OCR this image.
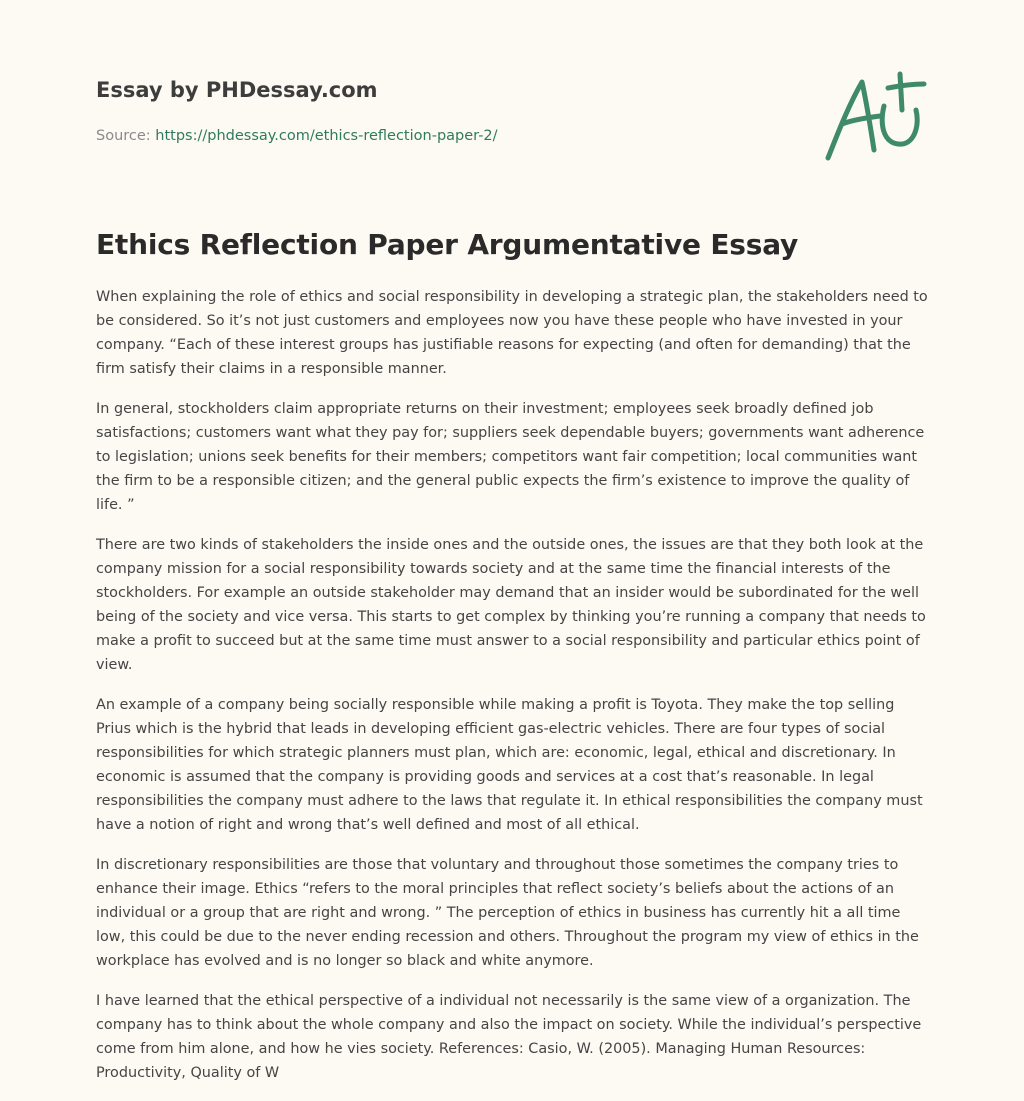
Essay by PHDessay.com
Source: https://phdessay.com/ethics-reflection-paper-2/
Ethics Reflection Paper Argumentative Essay

When explaining the role of ethics and social responsibility in developing a strategic plan, the stakeholders need to be considered. So it’s not just customers and employees now you have these people who have invested in your company. “Each of these interest groups has justifiable reasons for expecting (and often for demanding) that the firm satisfy their claims in a responsible manner.

In general, stockholders claim appropriate returns on their investment; employees seek broadly defined job satisfactions; customers want what they pay for; suppliers seek dependable buyers; governments want adherence to legislation; unions seek benefits for their members; competitors want fair competition; local communities want the firm to be a responsible citizen; and the general public expects the firm’s existence to improve the quality of life. ”

There are two kinds of stakeholders the inside ones and the outside ones, the issues are that they both look at the company mission for a social responsibility towards society and at the same time the financial interests of the stockholders. For example an outside stakeholder may demand that an insider would be subordinated for the well being of the society and vice versa. This starts to get complex by thinking you’re running a company that needs to make a profit to succeed but at the same time must answer to a social responsibility and particular ethics point of view.

An example of a company being socially responsible while making a profit is Toyota. They make the top selling Prius which is the hybrid that leads in developing efficient gas-electric vehicles. There are four types of social responsibilities for which strategic planners must plan, which are: economic, legal, ethical and discretionary. In economic is assumed that the company is providing goods and services at a cost that’s reasonable. In legal responsibilities the company must adhere to the laws that regulate it. In ethical responsibilities the company must have a notion of right and wrong that’s well defined and most of all ethical.

In discretionary responsibilities are those that voluntary and throughout those sometimes the company tries to enhance their image. Ethics “refers to the moral principles that reflect society’s beliefs about the actions of an individual or a group that are right and wrong. ” The perception of ethics in business has currently hit a all time low, this could be due to the never ending recession and others. Throughout the program my view of ethics in the workplace has evolved and is no longer so black and white anymore.

I have learned that the ethical perspective of a individual not necessarily is the same view of a organization. The company has to think about the whole company and also the impact on society. While the individual’s perspective come from him alone, and how he vies society. References: Casio, W. (2005). Managing Human Resources: Productivity, Quality of W
